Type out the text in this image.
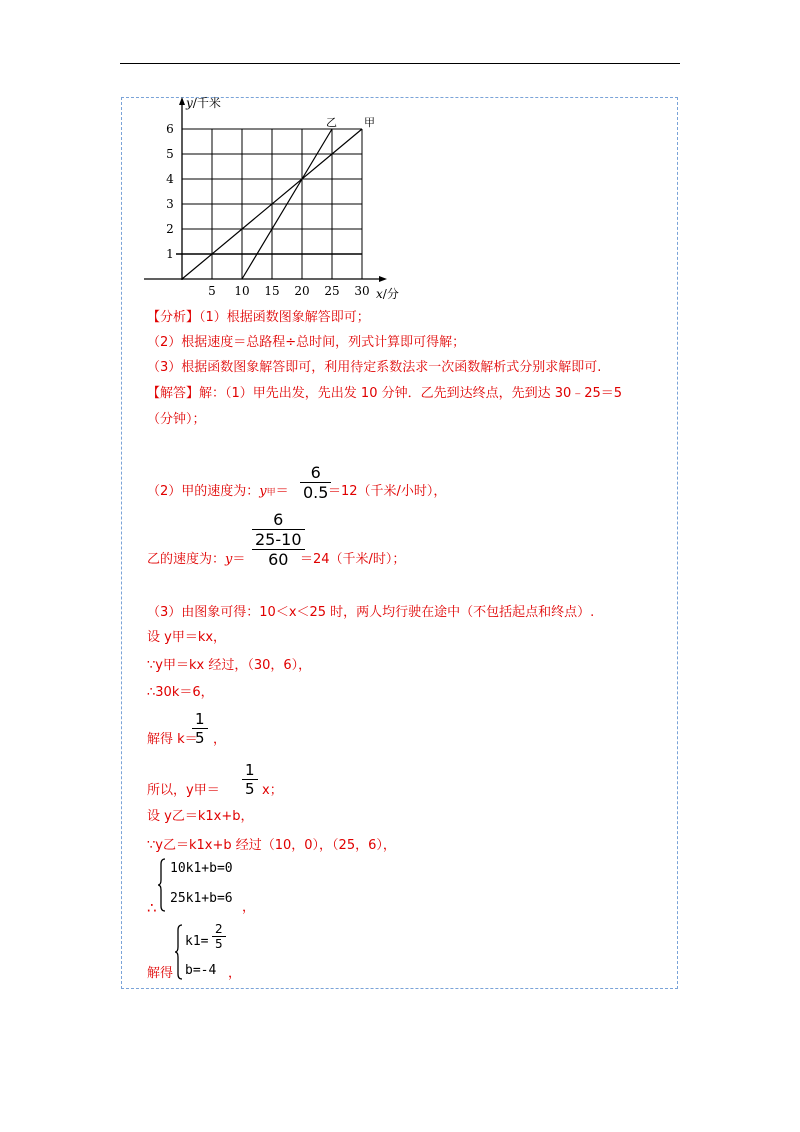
甲
乙
5 10 15 20 25 30
1
2
3
4
5
6
y/千米
x/分
【分析】（1）根据函数图象解答即可；
（2）根据速度＝总路程÷总时间，列式计算即可得解；
（3）根据函数图象解答即可，利用待定系数法求一次函数解析式分别求解即可.
【解答】解：（1）甲先出发，先出发 10 分钟．乙先到达终点，先到达 30﹣25＝5
（分钟）；
（2）甲的速度为：y甲＝ $\frac{6}{0.5}$
＝12（千米/小时），
乙的速度为：y＝ 6
25-10
60
＝24（千米/时）；
（3）由图象可得：10＜x＜25 时，两人均行驶在途中（不包括起点和终点）.
设 y甲＝kx，
∵y甲＝kx 经过，（30，6），
∴30k＝6，
解得 k＝
$\frac{1}{5}$ ，
所以，y甲＝ $\frac{1}{5}$ x；
设 y乙＝k1x+b，
∵y乙＝k1x+b 经过（10，0），（25，6），
∴
10k1+b=0
25k1+b=6
，
解得
$k1= \frac{2}{5}$
b=-4 ，
